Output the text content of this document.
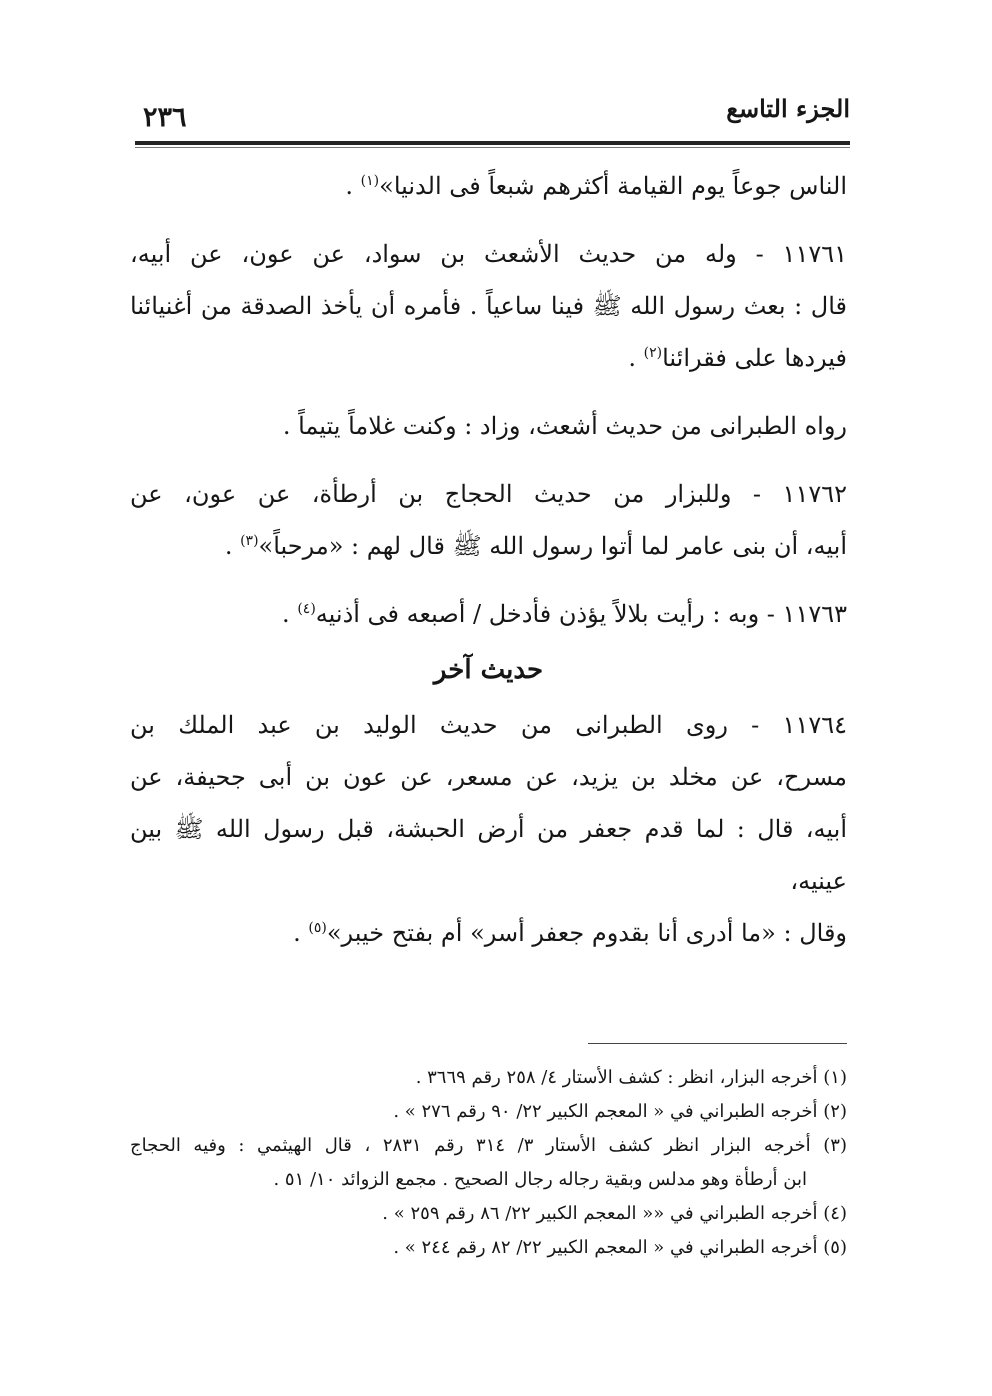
الجزء التاسع
٢٣٦
الناس جوعاً يوم القيامة أكثرهم شبعاً فى الدنيا»$^{(١)}$ .
١١٧٦١ - وله من حديث الأشعث بن سواد، عن عون، عن أبيه،
قال : بعث رسول الله ﷺ فينا ساعياً . فأمره أن يأخذ الصدقة من أغنيائنا
فيردها على فقرائنا$^{(٢)}$ .
رواه الطبرانى من حديث أشعث، وزاد : وكنت غلاماً يتيماً .
١١٧٦٢ - وللبزار من حديث الحجاج بن أرطأة، عن عون، عن
أبيه، أن بنى عامر لما أتوا رسول الله ﷺ قال لهم : «مرحباً»$^{(٣)}$ .
١١٧٦٣ - وبه : رأيت بلالاً يؤذن فأدخل / أصبعه فى أذنيه$^{(٤)}$ .
حديث آخر
١١٧٦٤ - روى الطبرانى من حديث الوليد بن عبد الملك بن
مسرح، عن مخلد بن يزيد، عن مسعر، عن عون بن أبى جحيفة، عن
أبيه، قال : لما قدم جعفر من أرض الحبشة، قبل رسول الله ﷺ بين عينيه،
وقال : «ما أدرى أنا بقدوم جعفر أسر» أم بفتح خيبر»$^{(٥)}$ .
(١) أخرجه البزار، انظر : كشف الأستار ٤/ ٢٥٨ رقم ٣٦٦٩ .
(٢) أخرجه الطبراني في « المعجم الكبير ٢٢/ ٩٠ رقم ٢٧٦ » .
(٣) أخرجه البزار انظر كشف الأستار ٣/ ٣١٤ رقم ٢٨٣١ ، قال الهيثمي : وفيه الحجاج
ابن أرطأة وهو مدلس وبقية رجاله رجال الصحيح . مجمع الزوائد ١٠/ ٥١ .
(٤) أخرجه الطبراني في «« المعجم الكبير ٢٢/ ٨٦ رقم ٢٥٩ » .
(٥) أخرجه الطبراني في « المعجم الكبير ٢٢/ ٨٢ رقم ٢٤٤ » .
